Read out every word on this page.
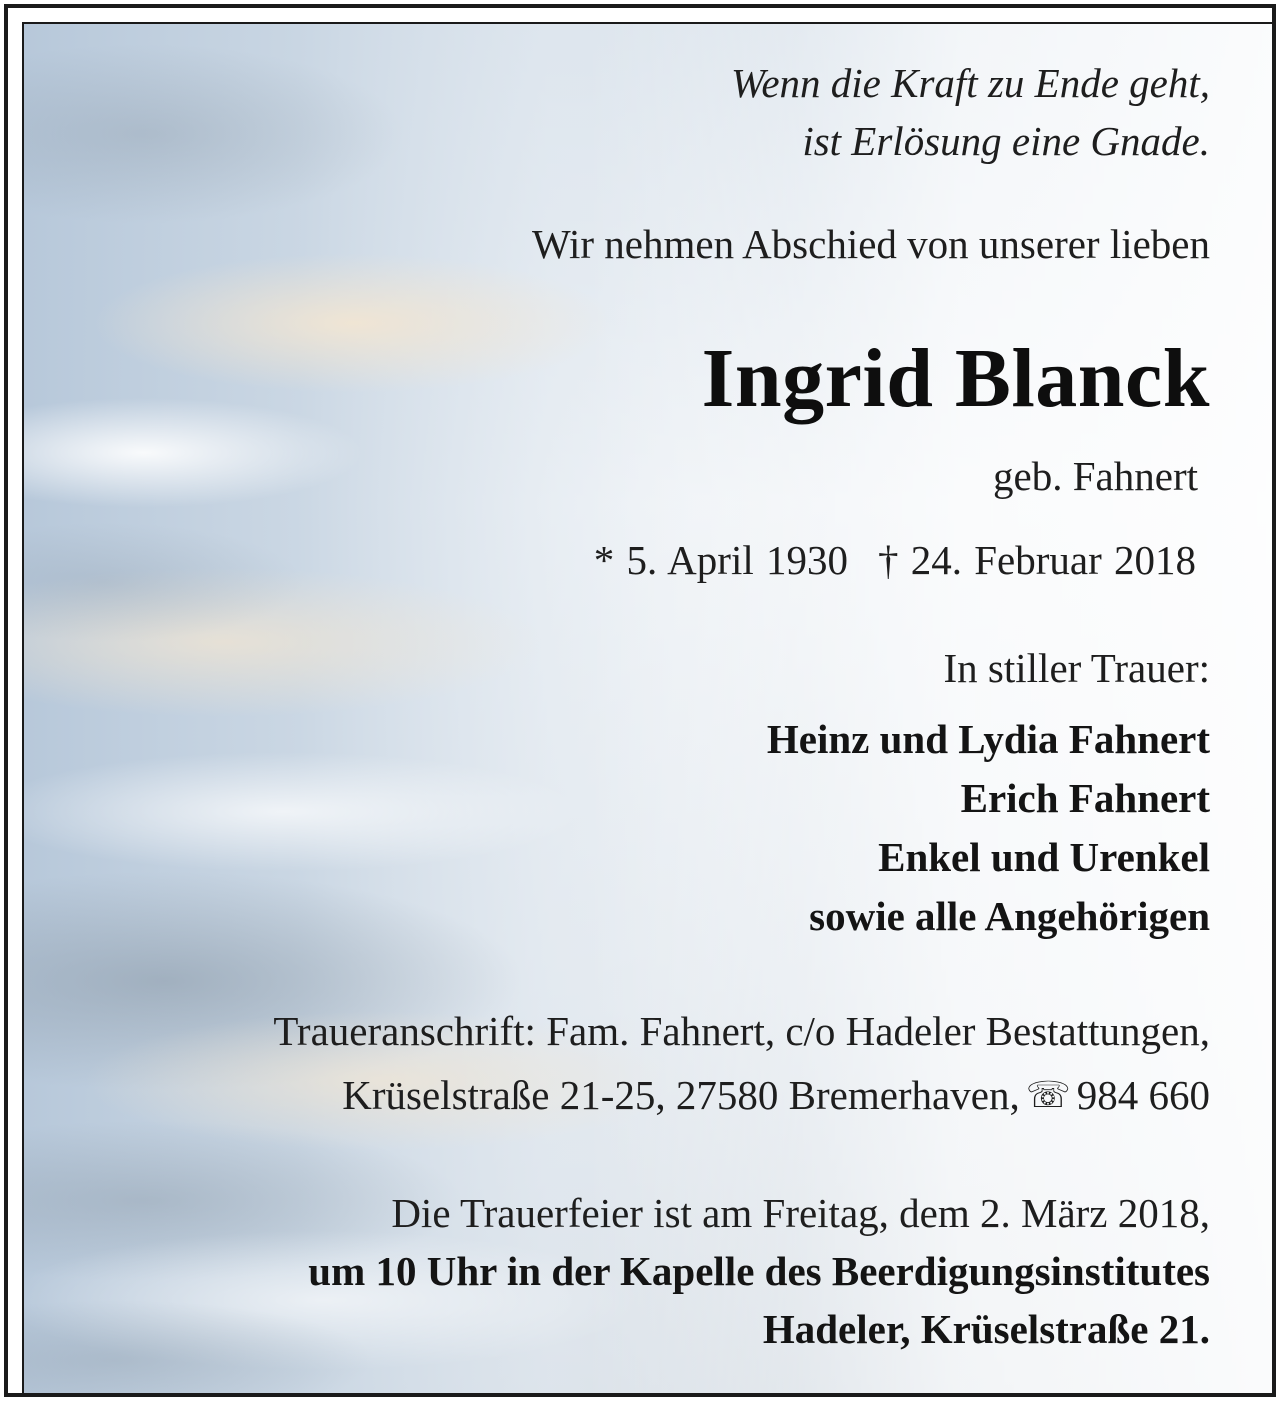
Wenn die Kraft zu Ende geht,

ist Erlösung eine Gnade.

Wir nehmen Abschied von unserer lieben

Ingrid Blanck

geb. Fahnert

* 5. April 1930 † 24. Februar 2018

In stiller Trauer:

Heinz und Lydia Fahnert
Erich Fahnert
Enkel und Urenkel
sowie alle Angehörigen

Traueranschrift: Fam. Fahnert, c/o Hadeler Bestattungen,

Krüselstraße 21-25, 27580 Bremerhaven, ☏ 984 660

Die Trauerfeier ist am Freitag, dem 2. März 2018,

um 10 Uhr in der Kapelle des Beerdigungsinstitutes

Hadeler, Krüselstraße 21.
